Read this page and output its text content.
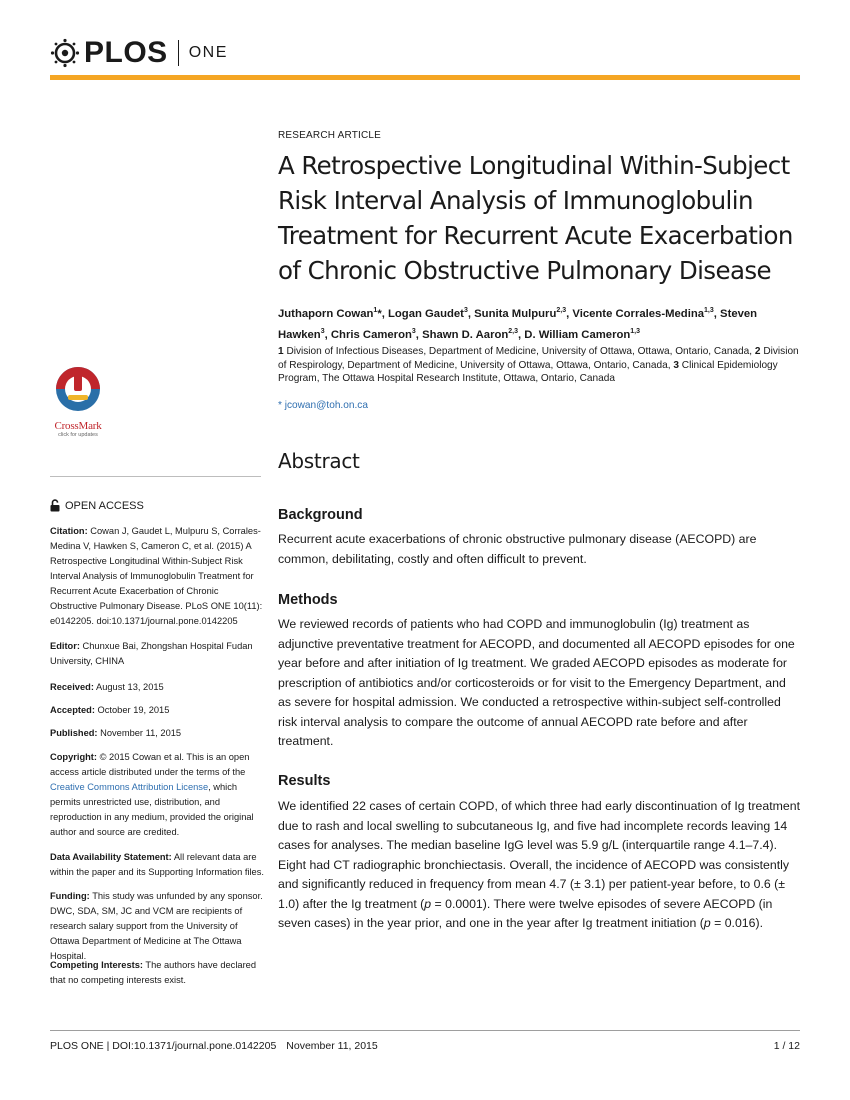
PLOS ONE
CrossMark
click for updates
OPEN ACCESS
Citation: Cowan J, Gaudet L, Mulpuru S, Corrales-Medina V, Hawken S, Cameron C, et al. (2015) A Retrospective Longitudinal Within-Subject Risk Interval Analysis of Immunoglobulin Treatment for Recurrent Acute Exacerbation of Chronic Obstructive Pulmonary Disease. PLoS ONE 10(11): e0142205. doi:10.1371/journal.pone.0142205
Editor: Chunxue Bai, Zhongshan Hospital Fudan University, CHINA
Received: August 13, 2015
Accepted: October 19, 2015
Published: November 11, 2015
Copyright: © 2015 Cowan et al. This is an open access article distributed under the terms of the Creative Commons Attribution License, which permits unrestricted use, distribution, and reproduction in any medium, provided the original author and source are credited.
Data Availability Statement: All relevant data are within the paper and its Supporting Information files.
Funding: This study was unfunded by any sponsor. DWC, SDA, SM, JC and VCM are recipients of research salary support from the University of Ottawa Department of Medicine at The Ottawa Hospital.
Competing Interests: The authors have declared that no competing interests exist.
RESEARCH ARTICLE
A Retrospective Longitudinal Within-Subject Risk Interval Analysis of Immunoglobulin Treatment for Recurrent Acute Exacerbation of Chronic Obstructive Pulmonary Disease
Juthaporn Cowan$^1$*, Logan Gaudet$^3$, Sunita Mulpuru$^{2,3}$, Vicente Corrales-Medina$^{1,3}$, Steven Hawken$^3$, Chris Cameron$^3$, Shawn D. Aaron$^{2,3}$, D. William Cameron$^{1,3}$
1 Division of Infectious Diseases, Department of Medicine, University of Ottawa, Ottawa, Ontario, Canada, 2 Division of Respirology, Department of Medicine, University of Ottawa, Ottawa, Ontario, Canada, 3 Clinical Epidemiology Program, The Ottawa Hospital Research Institute, Ottawa, Ontario, Canada
* jcowan@toh.on.ca
Abstract
Background

Recurrent acute exacerbations of chronic obstructive pulmonary disease (AECOPD) are common, debilitating, costly and often difficult to prevent.

Methods

We reviewed records of patients who had COPD and immunoglobulin (Ig) treatment as adjunctive preventative treatment for AECOPD, and documented all AECOPD episodes for one year before and after initiation of Ig treatment. We graded AECOPD episodes as moderate for prescription of antibiotics and/or corticosteroids or for visit to the Emergency Department, and as severe for hospital admission. We conducted a retrospective within-subject self-controlled risk interval analysis to compare the outcome of annual AECOPD rate before and after treatment.

Results

We identified 22 cases of certain COPD, of which three had early discontinuation of Ig treatment due to rash and local swelling to subcutaneous Ig, and five had incomplete records leaving 14 cases for analyses. The median baseline IgG level was 5.9 g/L (interquartile range 4.1–7.4). Eight had CT radiographic bronchiectasis. Overall, the incidence of AECOPD was consistently and significantly reduced in frequency from mean 4.7 (± 3.1) per patient-year before, to 0.6 (± 1.0) after the Ig treatment (p = 0.0001). There were twelve episodes of severe AECOPD (in seven cases) in the year prior, and one in the year after Ig treatment initiation (p = 0.016).

PLOS ONE | DOI:10.1371/journal.pone.0142205 November 11, 2015	1 / 12
